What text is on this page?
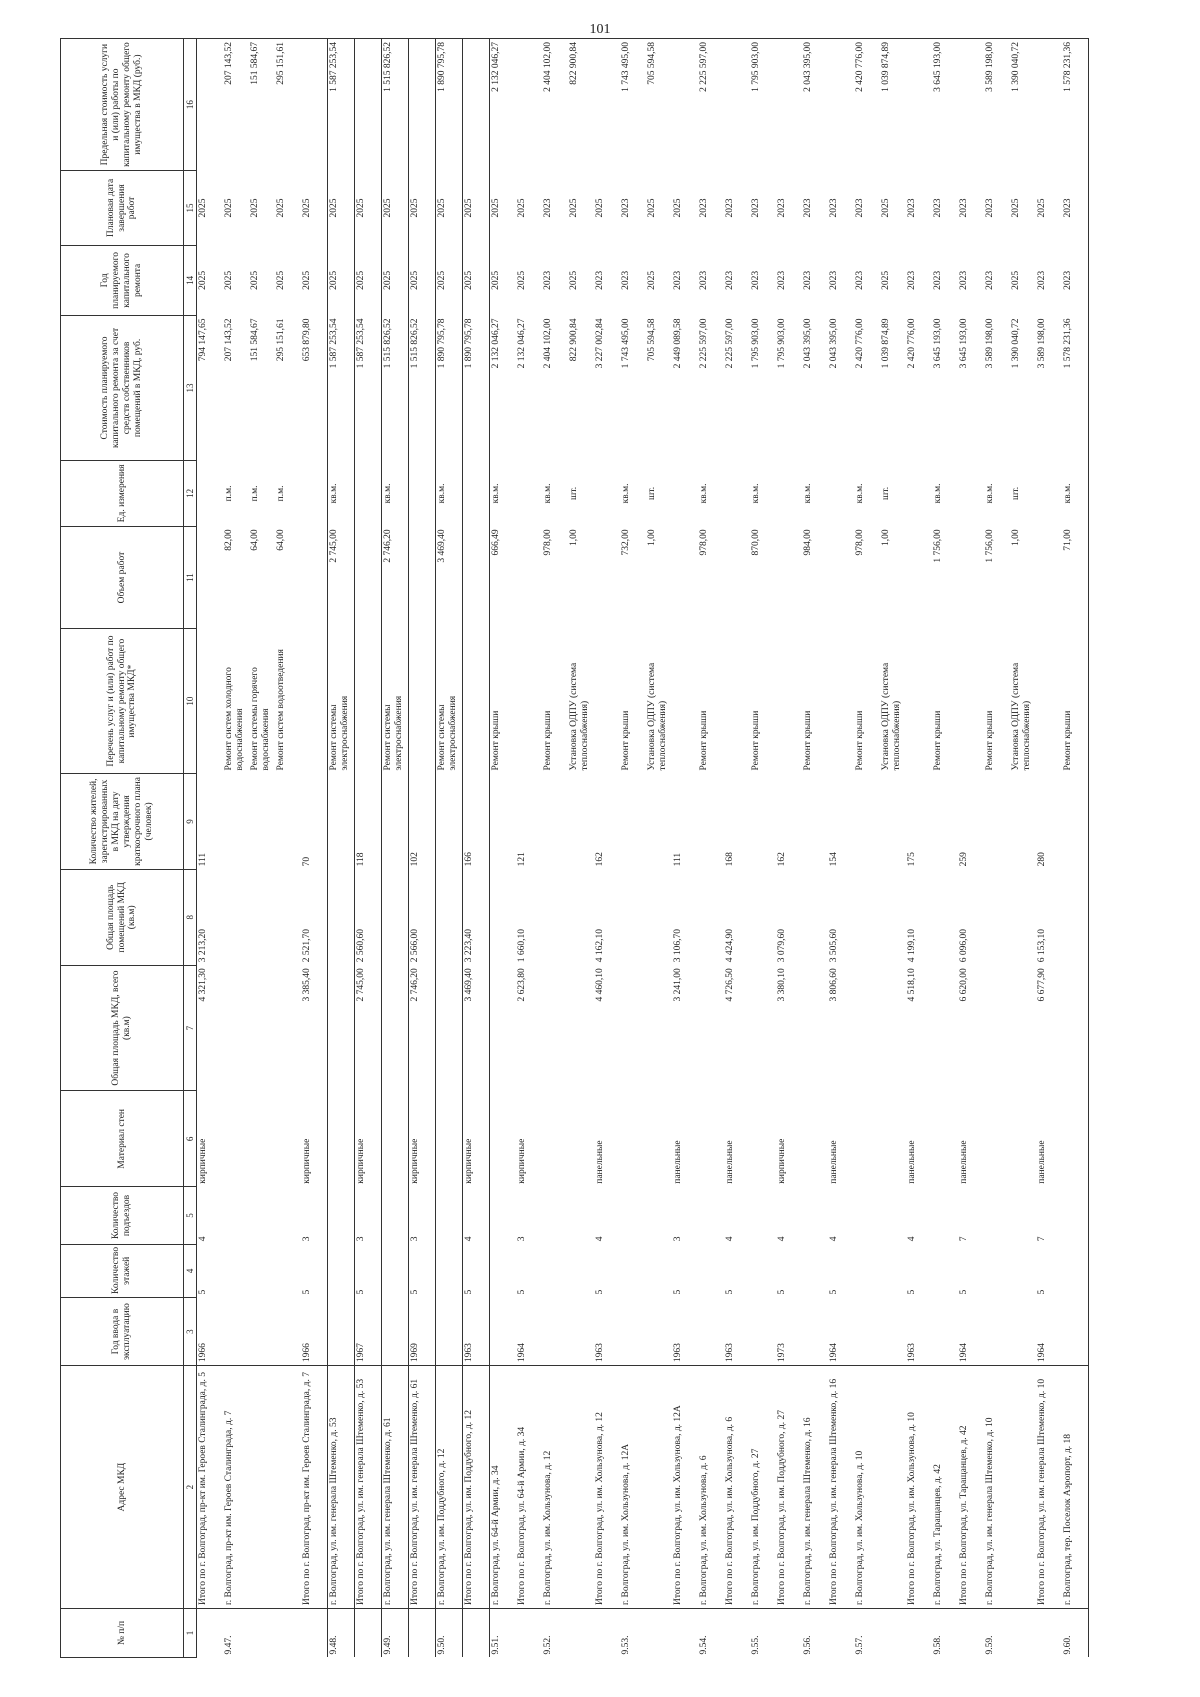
101
№ п/п	Адрес МКД	Год ввода в эксплуатацию	Количество этажей	Количество подъездов	Материал стен	Общая площадь МКД, всего (кв.м)	Общая площадь помещений МКД (кв.м)	Количество жителей, зарегистрированных в МКД на дату утверждения краткосрочного плана (человек)	Перечень услуг и (или) работ по капитальному ремонту общего имущества МКД*	Объем работ	Ед. измерения	Стоимость планируемого капитального ремонта за счет средств собственников помещений в МКД, руб.	Год планируемого капитального ремонта	Плановая дата завершения работ	Предельная стоимость услуги и (или) работы по капитальному ремонту общего имущества в МКД (руб.)
1	2	3	4	5	6	7	8	9	10	11	12	13	14	15	16
	Итого по г. Волгоград, пр-кт им. Героев Сталинграда, д. 5	1966	5	4	кирпичные	4 321,30	3 213,20	111				794 147,65	2025	2025	
9.47.	г. Волгоград, пр-кт им. Героев Сталинграда, д. 7								Ремонт систем холодного водоснабжения	82,00	п.м.	207 143,52	2025	2025	207 143,52
									Ремонт системы горячего водоснабжения	64,00	п.м.	151 584,67	2025	2025	151 584,67
									Ремонт систем водоотведения	64,00	п.м.	295 151,61	2025	2025	295 151,61
	Итого по г. Волгоград, пр-кт им. Героев Сталинграда, д. 7	1966	5	3	кирпичные	3 385,40	2 521,70	70				653 879,80	2025	2025	
9.48.	г. Волгоград, ул. им. генерала Штеменко, д. 53								Ремонт системы электроснабжения	2 745,00	кв.м.	1 587 253,54	2025	2025	1 587 253,54
	Итого по г. Волгоград, ул. им. генерала Штеменко, д. 53	1967	5	3	кирпичные	2 745,00	2 560,60	118				1 587 253,54	2025	2025	
9.49.	г. Волгоград, ул. им. генерала Штеменко, д. 61								Ремонт системы электроснабжения	2 746,20	кв.м.	1 515 826,52	2025	2025	1 515 826,52
	Итого по г. Волгоград, ул. им. генерала Штеменко, д. 61	1969	5	3	кирпичные	2 746,20	2 566,00	102				1 515 826,52	2025	2025	
9.50.	г. Волгоград, ул. им. Поддубного, д. 12								Ремонт системы электроснабжения	3 469,40	кв.м.	1 890 795,78	2025	2025	1 890 795,78
	Итого по г. Волгоград, ул. им. Поддубного, д. 12	1963	5	4	кирпичные	3 469,40	3 223,40	166				1 890 795,78	2025	2025	
9.51.	г. Волгоград, ул. 64-й Армии, д. 34								Ремонт крыши	666,49	кв.м.	2 132 046,27	2025	2025	2 132 046,27
	Итого по г. Волгоград, ул. 64-й Армии, д. 34	1964	5	3	кирпичные	2 623,80	1 660,10	121				2 132 046,27	2025	2025	
9.52.	г. Волгоград, ул. им. Хользунова, д. 12								Ремонт крыши	978,00	кв.м.	2 404 102,00	2023	2023	2 404 102,00
									Установка ОДПУ (система теплоснабжения)	1,00	шт.	822 900,84	2025	2025	822 900,84
	Итого по г. Волгоград, ул. им. Хользунова, д. 12	1963	5	4	панельные	4 460,10	4 162,10	162				3 227 002,84	2023	2025	
9.53.	г. Волгоград, ул. им. Хользунова, д. 12А								Ремонт крыши	732,00	кв.м.	1 743 495,00	2023	2023	1 743 495,00
									Установка ОДПУ (система теплоснабжения)	1,00	шт.	705 594,58	2025	2025	705 594,58
	Итого по г. Волгоград, ул. им. Хользунова, д. 12А	1963	5	3	панельные	3 241,00	3 106,70	111				2 449 089,58	2023	2025	
9.54.	г. Волгоград, ул. им. Хользунова, д. 6								Ремонт крыши	978,00	кв.м.	2 225 597,00	2023	2023	2 225 597,00
	Итого по г. Волгоград, ул. им. Хользунова, д. 6	1963	5	4	панельные	4 726,50	4 424,90	168				2 225 597,00	2023	2023	
9.55.	г. Волгоград, ул. им. Поддубного, д. 27								Ремонт крыши	870,00	кв.м.	1 795 903,00	2023	2023	1 795 903,00
	Итого по г. Волгоград, ул. им. Поддубного, д. 27	1973	5	4	кирпичные	3 380,10	3 079,60	162				1 795 903,00	2023	2023	
9.56.	г. Волгоград, ул. им. генерала Штеменко, д. 16								Ремонт крыши	984,00	кв.м.	2 043 395,00	2023	2023	2 043 395,00
	Итого по г. Волгоград, ул. им. генерала Штеменко, д. 16	1964	5	4	панельные	3 806,60	3 505,60	154				2 043 395,00	2023	2023	
9.57.	г. Волгоград, ул. им. Хользунова, д. 10								Ремонт крыши	978,00	кв.м.	2 420 776,00	2023	2023	2 420 776,00
									Установка ОДПУ (система теплоснабжения)	1,00	шт.	1 039 874,89	2025	2025	1 039 874,89
	Итого по г. Волгоград, ул. им. Хользунова, д. 10	1963	5	4	панельные	4 518,10	4 199,10	175				2 420 776,00	2023	2023	
9.58.	г. Волгоград, ул. Таращанцев, д. 42								Ремонт крыши	1 756,00	кв.м.	3 645 193,00	2023	2023	3 645 193,00
	Итого по г. Волгоград, ул. Таращанцев, д. 42	1964	5	7	панельные	6 620,00	6 096,00	259				3 645 193,00	2023	2023	
9.59.	г. Волгоград, ул. им. генерала Штеменко, д. 10								Ремонт крыши	1 756,00	кв.м.	3 589 198,00	2023	2023	3 589 198,00
									Установка ОДПУ (система теплоснабжения)	1,00	шт.	1 390 040,72	2025	2025	1 390 040,72
	Итого по г. Волгоград, ул. им. генерала Штеменко, д. 10	1964	5	7	панельные	6 677,90	6 153,10	280				3 589 198,00	2023	2025	
9.60.	г. Волгоград, тер. Поселок Аэропорт, д. 18								Ремонт крыши	71,00	кв.м.	1 578 231,36	2023	2023	1 578 231,36
